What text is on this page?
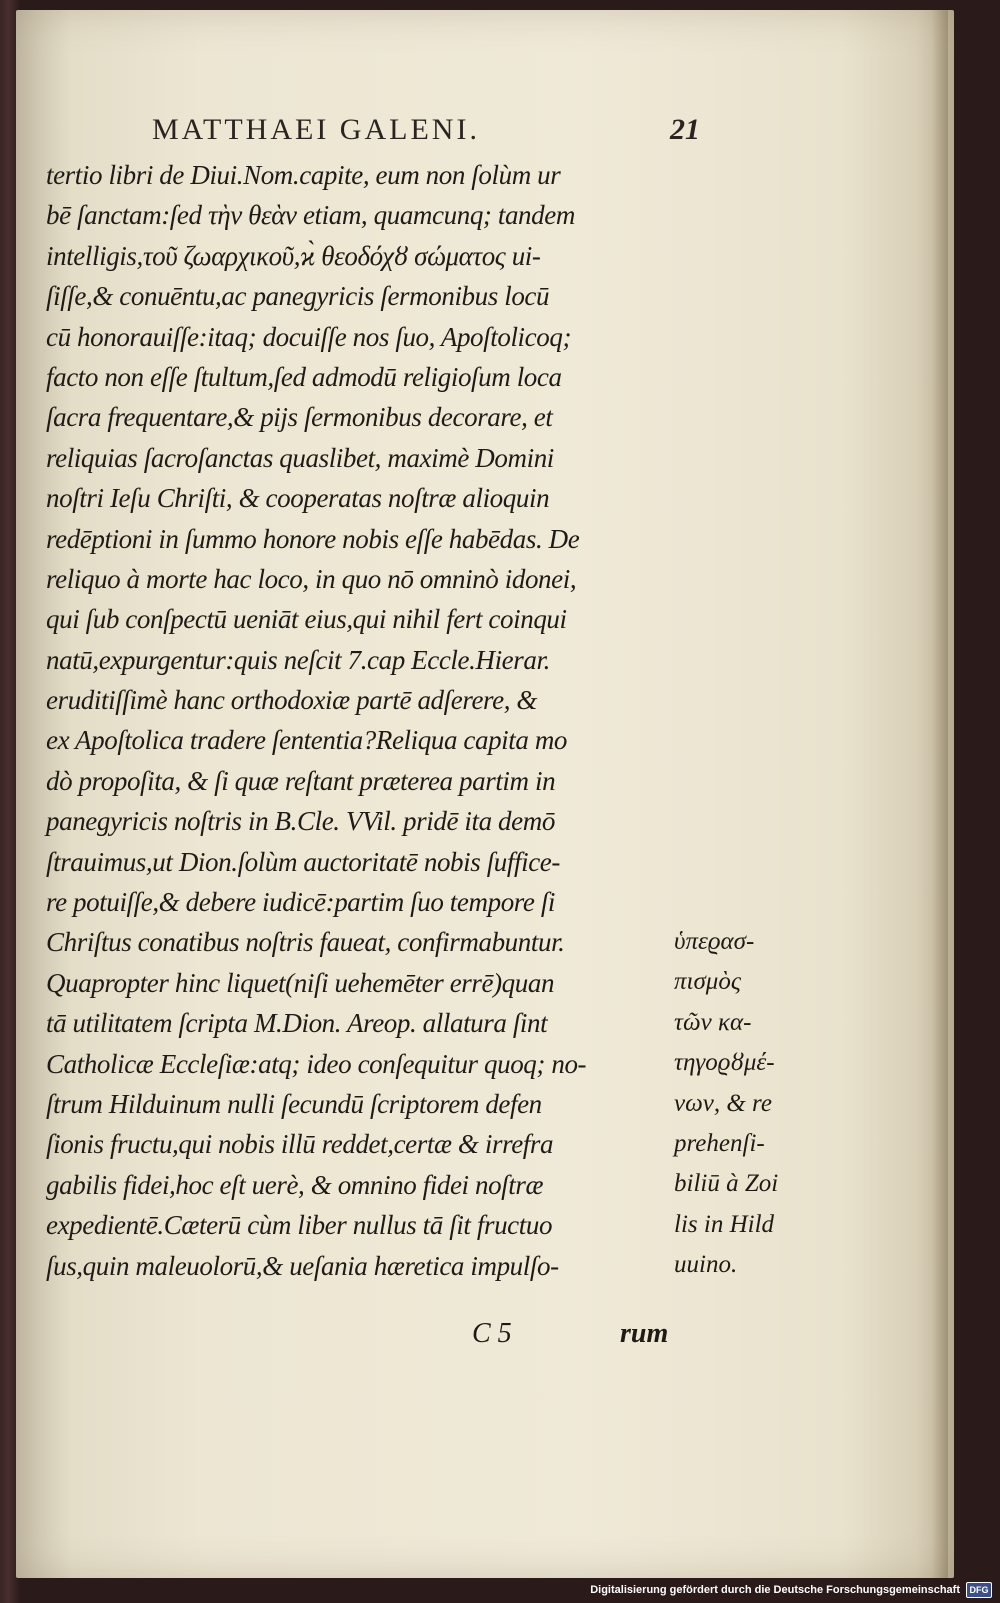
MATTHAEI GALENI.	21
tertio libri de Diui.Nom.capite, eum non ſolùm ur
bē ſanctam:ſed τὴν θεὰν etiam, quamcunq; tandem
intelligis,τοῦ ζωαρχικοῦ,ϰ̀ θεοδόχȣ σώματος ui-
ſiſſe,& conuēntu,ac panegyricis ſermonibus locū
cū honorauiſſe:itaq; docuiſſe nos ſuo, Apoſtolicoq;
facto non eſſe ſtultum,ſed admodū religioſum loca
ſacra frequentare,& pijs ſermonibus decorare, et
reliquias ſacroſanctas quaslibet, maximè Domini
noſtri Ieſu Chriſti, & cooperatas noſtræ alioquin
redēptioni in ſummo honore nobis eſſe habēdas. De
reliquo à morte hac loco, in quo nō omninò idonei,
qui ſub conſpectū ueniāt eius,qui nihil fert coinqui
natū,expurgentur:quis neſcit 7.cap Eccle.Hierar.
eruditiſſimè hanc orthodoxiæ partē adſerere, &
ex Apoſtolica tradere ſententia?Reliqua capita mo
dò propoſita, & ſi quæ reſtant præterea partim in
panegyricis noſtris in B.Cle. VVil. pridē ita demō
ſtrauimus,ut Dion.ſolùm auctoritatē nobis ſuffice-
re potuiſſe,& debere iudicē:partim ſuo tempore ſi
Chriſtus conatibus noſtris faueat, confirmabuntur.
Quapropter hinc liquet(niſi uehemēter errē)quan
tā utilitatem ſcripta M.Dion. Areop. allatura ſint
Catholicæ Eccleſiæ:atq; ideo conſequitur quoq; no-
ſtrum Hilduinum nulli ſecundū ſcriptorem defen
ſionis fructu,qui nobis illū reddet,certæ & irrefra
gabilis fidei,hoc eſt uerè, & omnino fidei noſtræ
expedientē.Cæterū cùm liber nullus tā ſit fructuo
ſus,quin maleuolorū,& ueſania hæretica impulſo-
ὑπεϱασ-
πισμὸς
τῶν κα-
τηγοϱȣμέ-
νων, & re
prehenſi-
biliū à Zoi
lis in Hild
uuino.
C 5	rum
Digitalisierung gefördert durch die Deutsche Forschungsgemeinschaft	DFG
